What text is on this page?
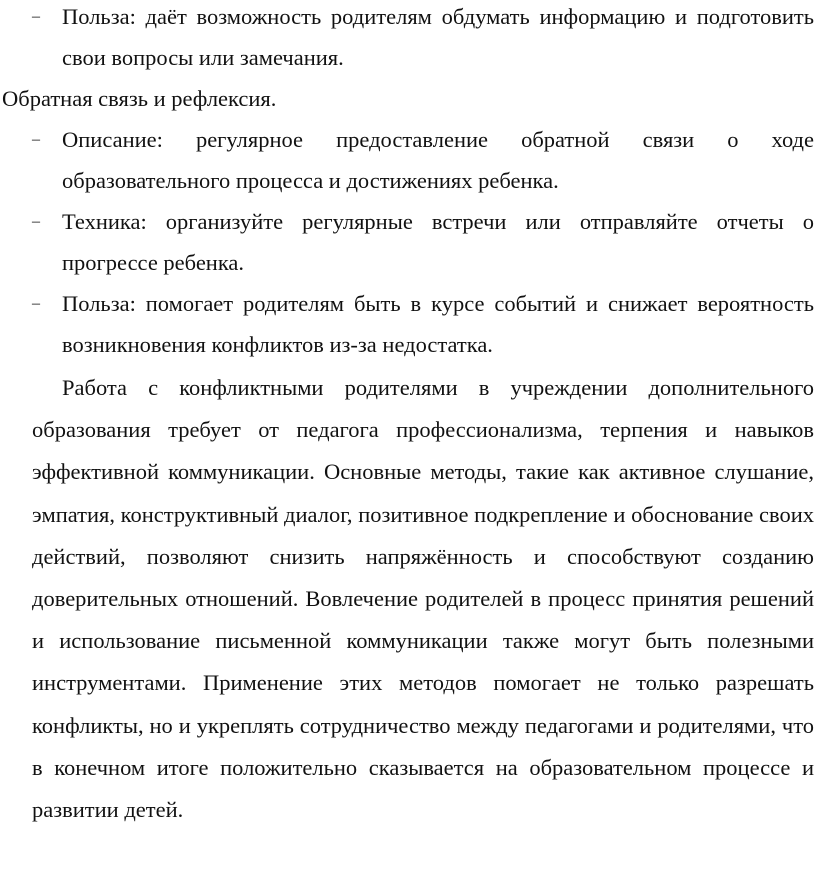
– Польза: даёт возможность родителям обдумать информацию и подготовить свои вопросы или замечания.
Обратная связь и рефлексия.
– Описание: регулярное предоставление обратной связи о ходе образовательного процесса и достижениях ребенка.
– Техника: организуйте регулярные встречи или отправляйте отчеты о прогрессе ребенка.
– Польза: помогает родителям быть в курсе событий и снижает вероятность возникновения конфликтов из-за недостатка.
Работа с конфликтными родителями в учреждении дополнительного образования требует от педагога профессионализма, терпения и навыков эффективной коммуникации. Основные методы, такие как активное слушание, эмпатия, конструктивный диалог, позитивное подкрепление и обоснование своих действий, позволяют снизить напряжённость и способствуют созданию доверительных отношений. Вовлечение родителей в процесс принятия решений и использование письменной коммуникации также могут быть полезными инструментами. Применение этих методов помогает не только разрешать конфликты, но и укреплять сотрудничество между педагогами и родителями, что в конечном итоге положительно сказывается на образовательном процессе и развитии детей.
